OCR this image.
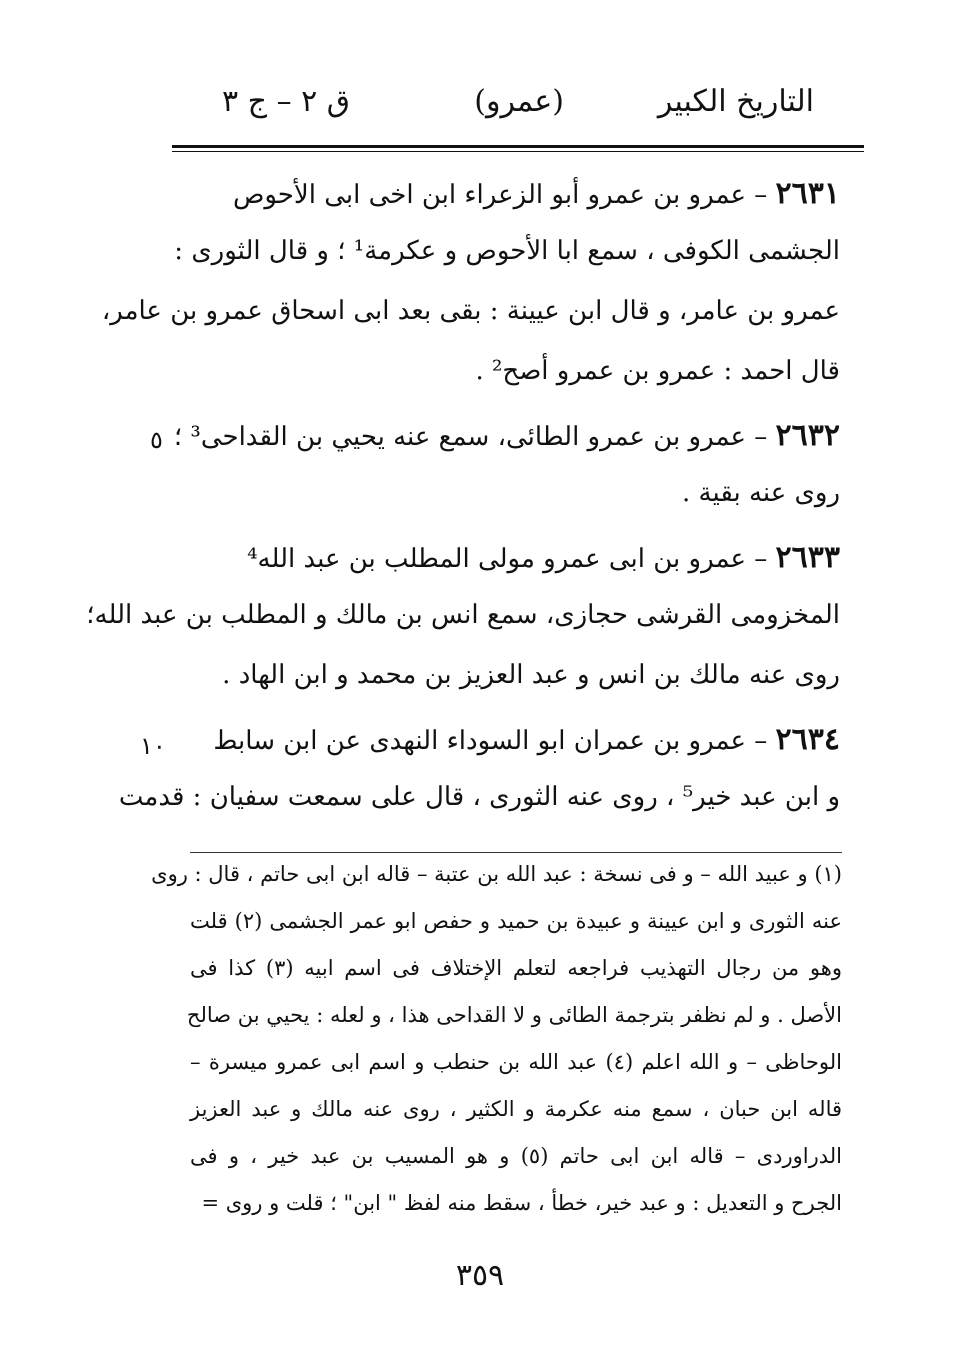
التاريخ الكبير
(عمرو)
ق ٢ – ج ٣
٢٦٣١ – عمرو بن عمرو أبو الزعراء ابن اخى ابى الأحوص
الجشمى الكوفى ، سمع ابا الأحوص و عكرمة¹ ؛ و قال الثورى :
عمرو بن عامر، و قال ابن عيينة : بقى بعد ابى اسحاق عمرو بن عامر،
قال احمد : عمرو بن عمرو أصح² .
٥	٢٦٣٢ – عمرو بن عمرو الطائى، سمع عنه يحيي بن القداحى³ ؛
روى عنه بقية .
٢٦٣٣ – عمرو بن ابى عمرو مولى المطلب بن عبد الله⁴
المخزومى القرشى حجازى، سمع انس بن مالك و المطلب بن عبد الله؛
روى عنه مالك بن انس و عبد العزيز بن محمد و ابن الهاد .
١٠	٢٦٣٤ – عمرو بن عمران ابو السوداء النهدى عن ابن سابط
و ابن عبد خير⁵ ، روى عنه الثورى ، قال على سمعت سفيان : قدمت
(١) و عبيد الله – و فى نسخة : عبد الله بن عتبة – قاله ابن ابى حاتم ، قال : روى
عنه الثورى و ابن عيينة و عبيدة بن حميد و حفص ابو عمر الجشمى (٢) قلت
وهو من رجال التهذيب فراجعه لتعلم الإختلاف فى اسم ابيه (٣) كذا فى
الأصل . و لم نظفر بترجمة الطائى و لا القداحى هذا ، و لعله : يحيي بن صالح
الوحاظى – و الله اعلم (٤) عبد الله بن حنطب و اسم ابى عمرو ميسرة –
قاله ابن حبان ، سمع منه عكرمة و الكثير ، روى عنه مالك و عبد العزيز
الدراوردى – قاله ابن ابى حاتم (٥) و هو المسيب بن عبد خير ، و فى
الجرح و التعديل : و عبد خير، خطأ ، سقط منه لفظ " ابن" ؛ قلت و روى =
٣٥٩
